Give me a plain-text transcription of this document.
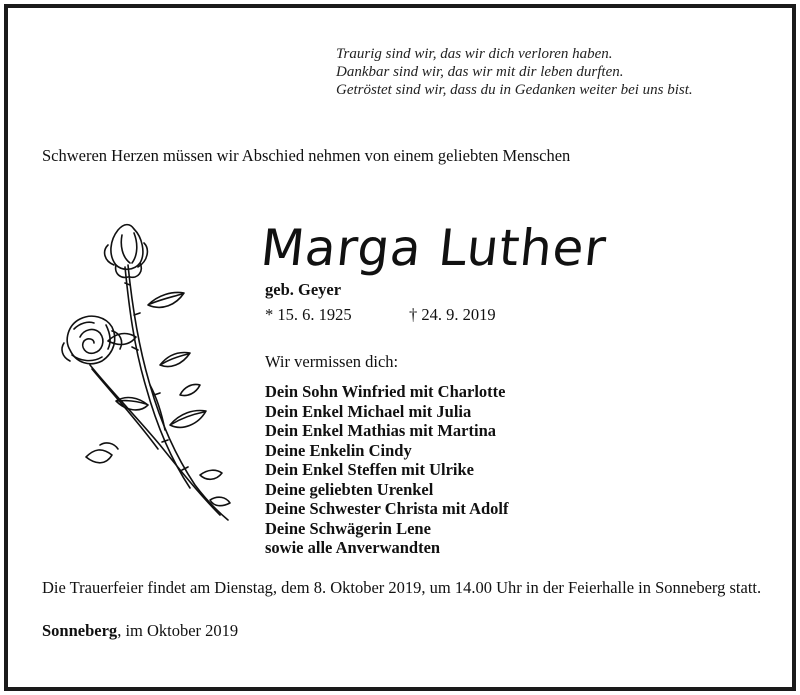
Traurig sind wir, das wir dich verloren haben.
Dankbar sind wir, das wir mit dir leben durften.
Getröstet sind wir, dass du in Gedanken weiter bei uns bist.
Schweren Herzen müssen wir Abschied nehmen von einem geliebten Menschen
Marga Luther
geb. Geyer
* 15. 6. 1925	† 24. 9. 2019
Wir vermissen dich:
Dein Sohn Winfried mit Charlotte
Dein Enkel Michael mit Julia
Dein Enkel Mathias mit Martina
Deine Enkelin Cindy
Dein Enkel Steffen mit Ulrike
Deine geliebten Urenkel
Deine Schwester Christa mit Adolf
Deine Schwägerin Lene
sowie alle Anverwandten
Die Trauerfeier findet am Dienstag, dem 8. Oktober 2019, um 14.00 Uhr in der Feierhalle in Sonneberg statt.
Sonneberg, im Oktober 2019
